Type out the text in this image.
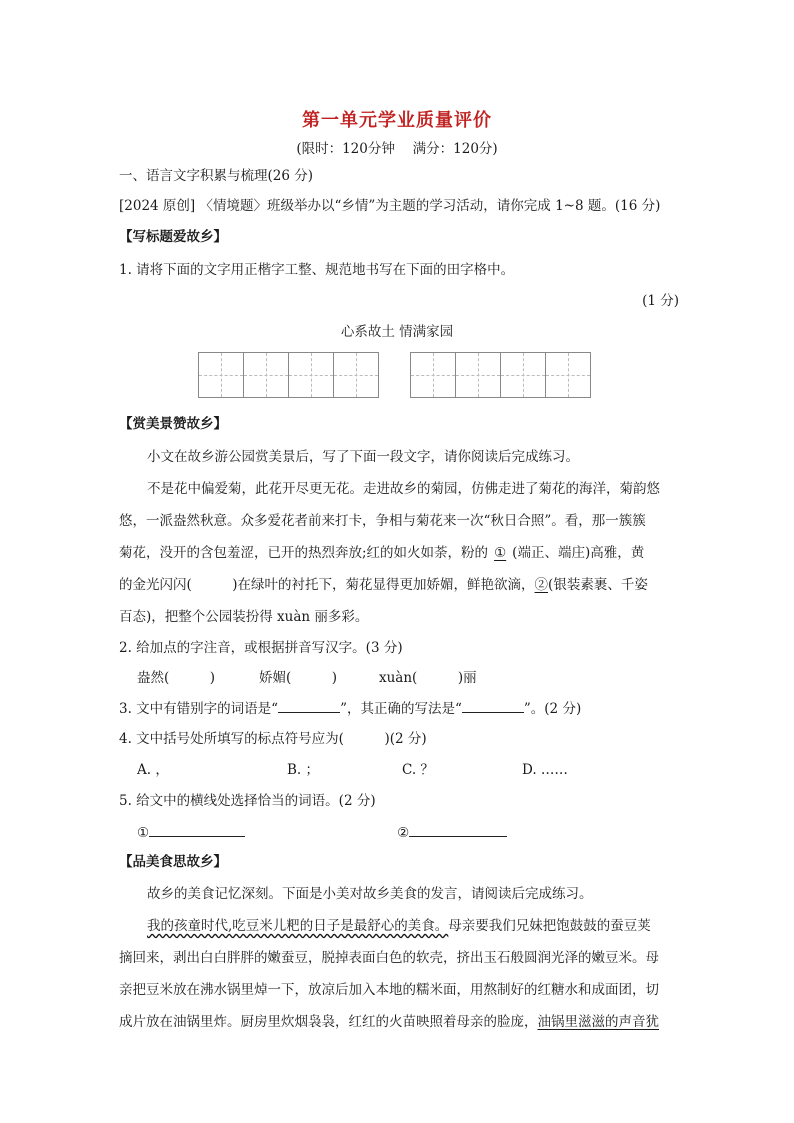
第一单元学业质量评价
(限时：120分钟　 满分：120分)
一、语言文字积累与梳理(26 分)
[2024 原创] 〈情境题〉班级举办以“乡情”为主题的学习活动，请你完成 1~8 题。(16 分)
【写标题爱故乡】
1. 请将下面的文字用正楷字工整、规范地书写在下面的田字格中。
(1 分)
心系故土 情满家园
【赏美景赞故乡】
小文在故乡游公园赏美景后，写了下面一段文字，请你阅读后完成练习。
不是花中偏爱菊，此花开尽更无花。走进故乡的菊园，仿佛走进了菊花的海洋，菊韵悠
悠，一派盎然秋意。众多爱花者前来打卡，争相与菊花来一次“秋日合照”。看，那一簇簇
菊花，没开的含包羞涩，已开的热烈奔放;红的如火如荼，粉的 ① (端正、端庄)高雅，黄
的金光闪闪(　　　)在绿叶的衬托下，菊花显得更加娇媚，鲜艳欲滴，②(银装素裹、千姿
百态)，把整个公园装扮得 xuàn 丽多彩。
2. 给加点的字注音，或根据拼音写汉字。(3 分)
盎然(　　　)	娇媚(　　　)	xuàn(　　　)丽
3. 文中有错别字的词语是“	”，其正确的写法是“	”。(2 分)
4. 文中括号处所填写的标点符号应为(　　　)(2 分)
A. ，	B. ；	C. ？	D. ……
5. 给文中的横线处选择恰当的词语。(2 分)
①	②
【品美食思故乡】
故乡的美食记忆深刻。下面是小美对故乡美食的发言，请阅读后完成练习。
我的孩童时代,吃豆米儿粑的日子是最舒心的美食。母亲要我们兄妹把饱鼓鼓的蚕豆荚
摘回来，剥出白白胖胖的嫩蚕豆，脱掉表面白色的软壳，挤出玉石般圆润光泽的嫩豆米。母
亲把豆米放在沸水锅里焯一下，放凉后加入本地的糯米面，用熬制好的红糖水和成面团，切
成片放在油锅里炸。厨房里炊烟袅袅，红红的火苗映照着母亲的脸庞，油锅里滋滋的声音犹
